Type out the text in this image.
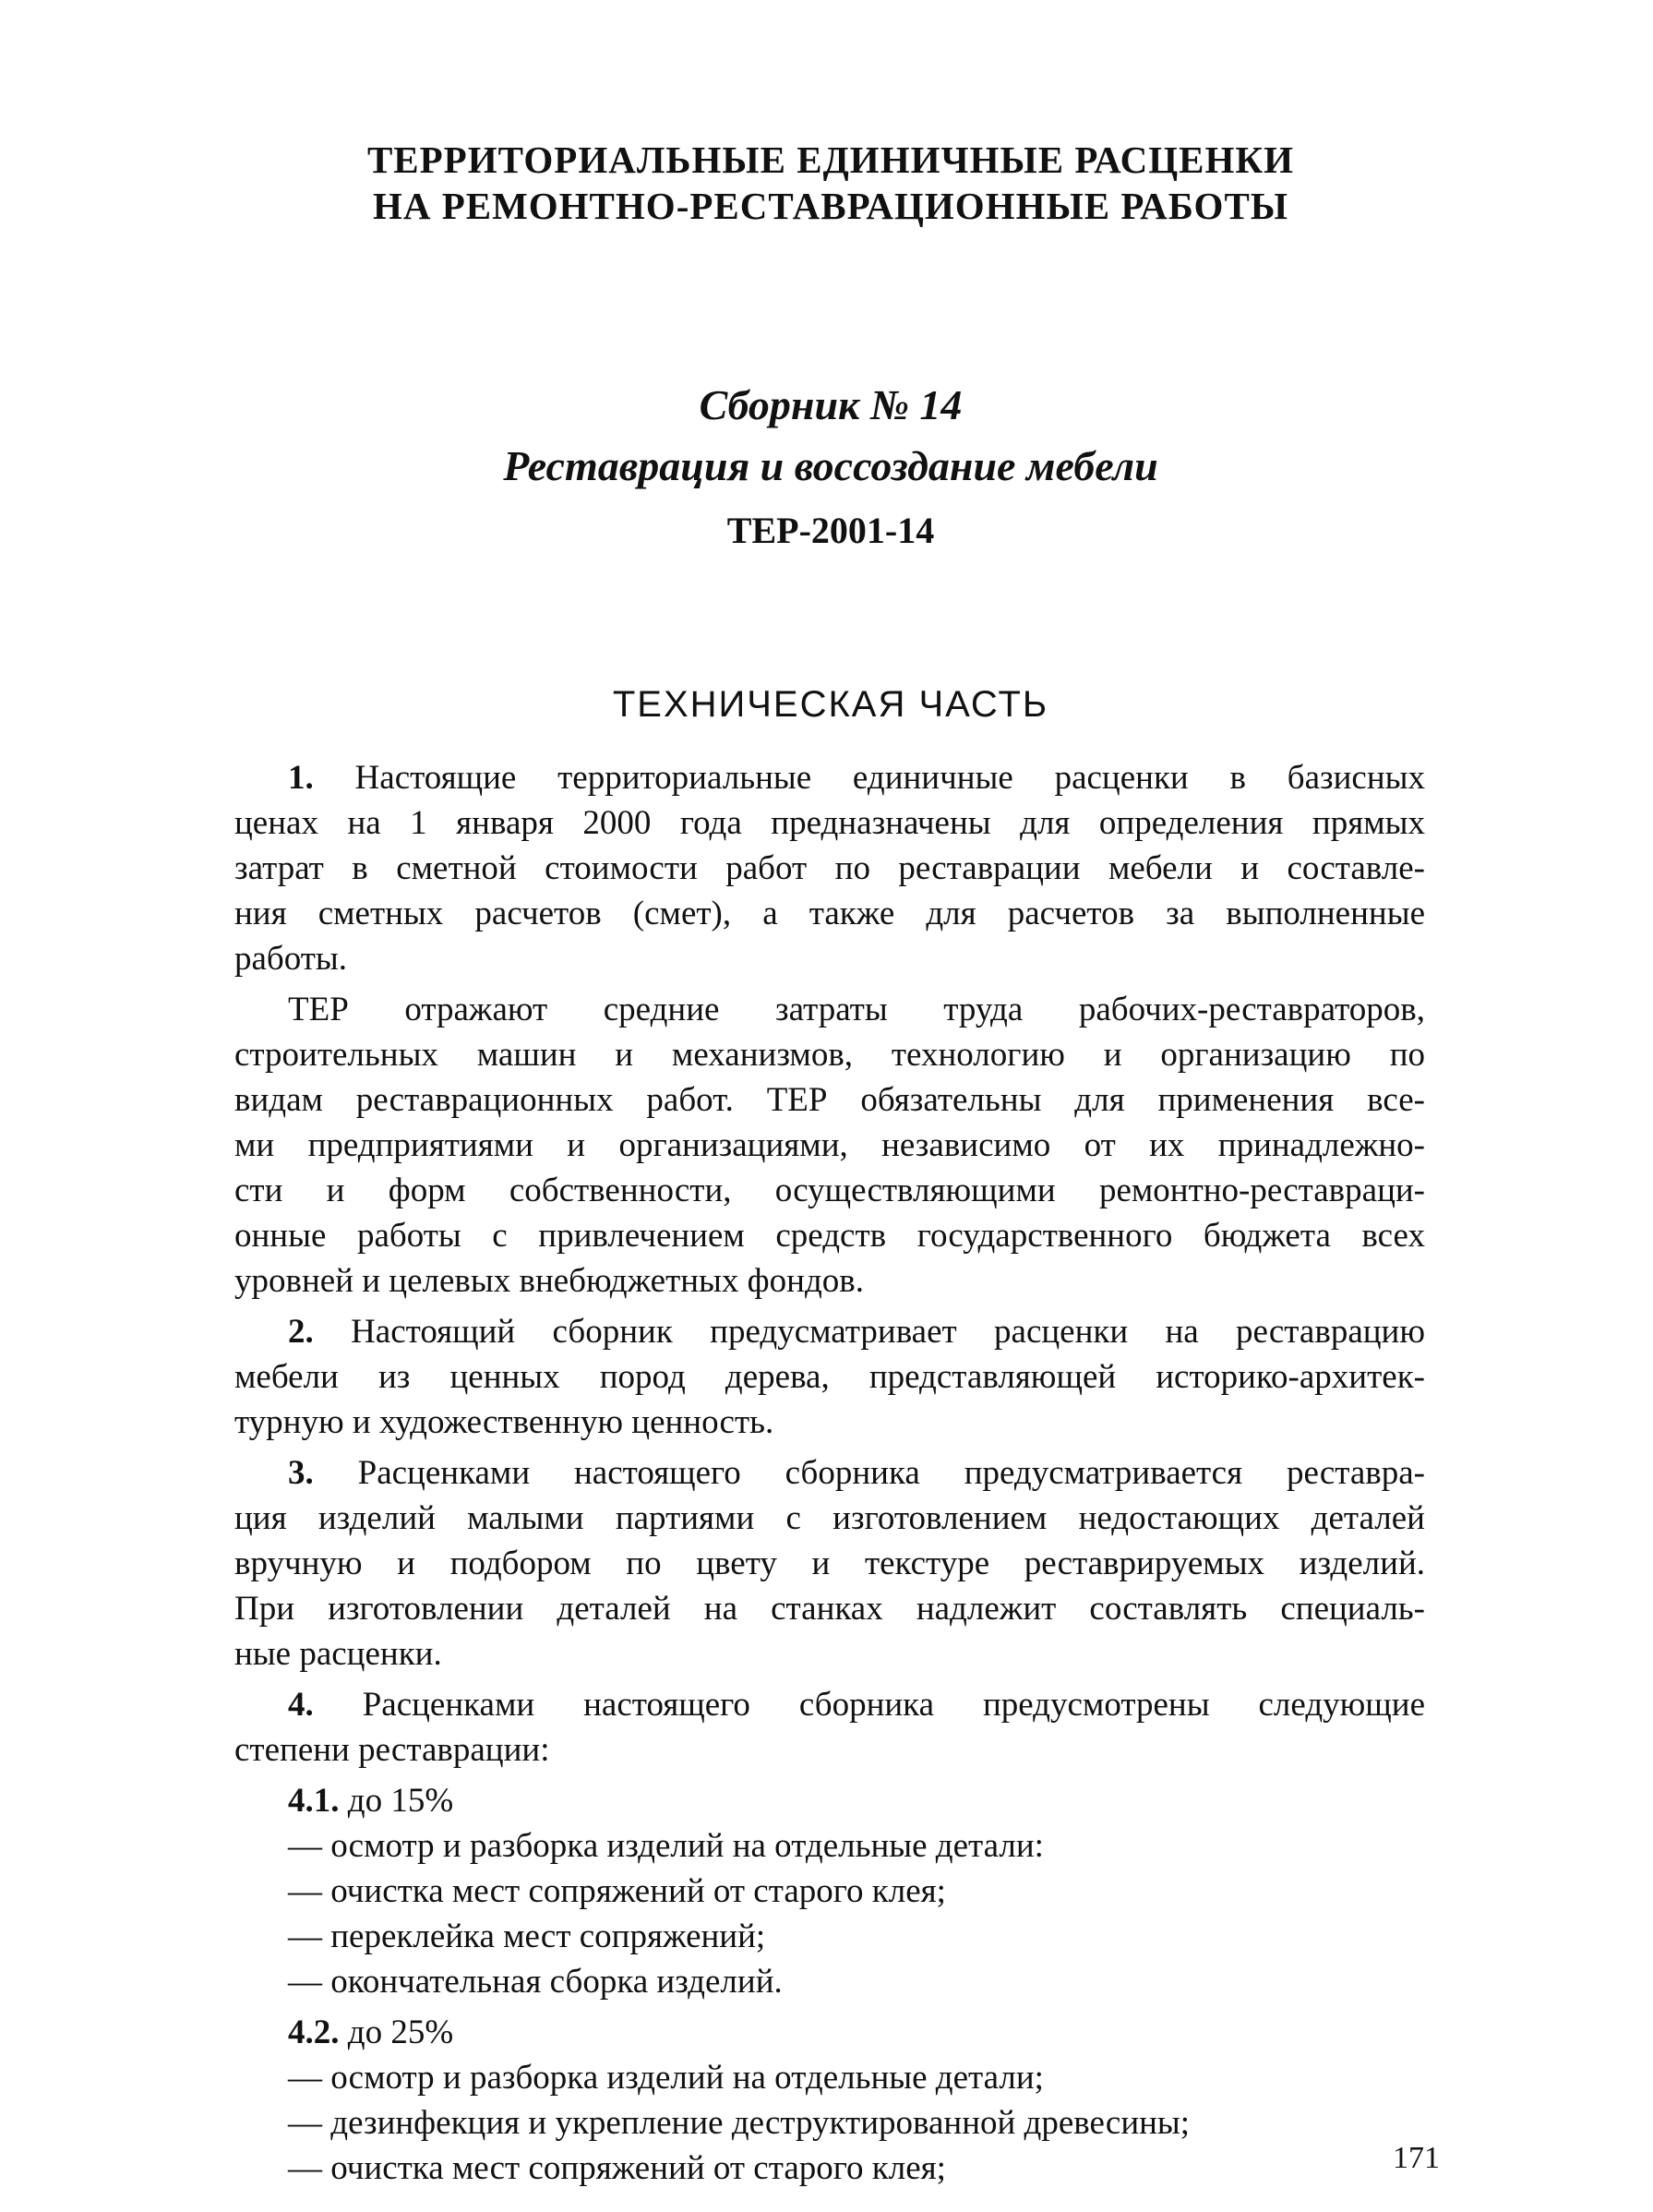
ТЕРРИТОРИАЛЬНЫЕ ЕДИНИЧНЫЕ РАСЦЕНКИ
НА РЕМОНТНО-РЕСТАВРАЦИОННЫЕ РАБОТЫ
Сборник № 14
Реставрация и воссоздание мебели
ТЕР-2001-14
ТЕХНИЧЕСКАЯ ЧАСТЬ
1. Настоящие территориальные единичные расценки в базисных
ценах на 1 января 2000 года предназначены для определения прямых
затрат в сметной стоимости работ по реставрации мебели и составле-
ния сметных расчетов (смет), а также для расчетов за выполненные
работы.
ТЕР отражают средние затраты труда рабочих-реставраторов,
строительных машин и механизмов, технологию и организацию по
видам реставрационных работ. ТЕР обязательны для применения все-
ми предприятиями и организациями, независимо от их принадлежно-
сти и форм собственности, осуществляющими ремонтно-реставраци-
онные работы с привлечением средств государственного бюджета всех
уровней и целевых внебюджетных фондов.
2. Настоящий сборник предусматривает расценки на реставрацию
мебели из ценных пород дерева, представляющей историко-архитек-
турную и художественную ценность.
3. Расценками настоящего сборника предусматривается реставра-
ция изделий малыми партиями с изготовлением недостающих деталей
вручную и подбором по цвету и текстуре реставрируемых изделий.
При изготовлении деталей на станках надлежит составлять специаль-
ные расценки.
4. Расценками настоящего сборника предусмотрены следующие
степени реставрации:
4.1. до 15%
— осмотр и разборка изделий на отдельные детали:
— очистка мест сопряжений от старого клея;
— переклейка мест сопряжений;
— окончательная сборка изделий.
4.2. до 25%
— осмотр и разборка изделий на отдельные детали;
— дезинфекция и укрепление деструктированной древесины;
— очистка мест сопряжений от старого клея;	171
